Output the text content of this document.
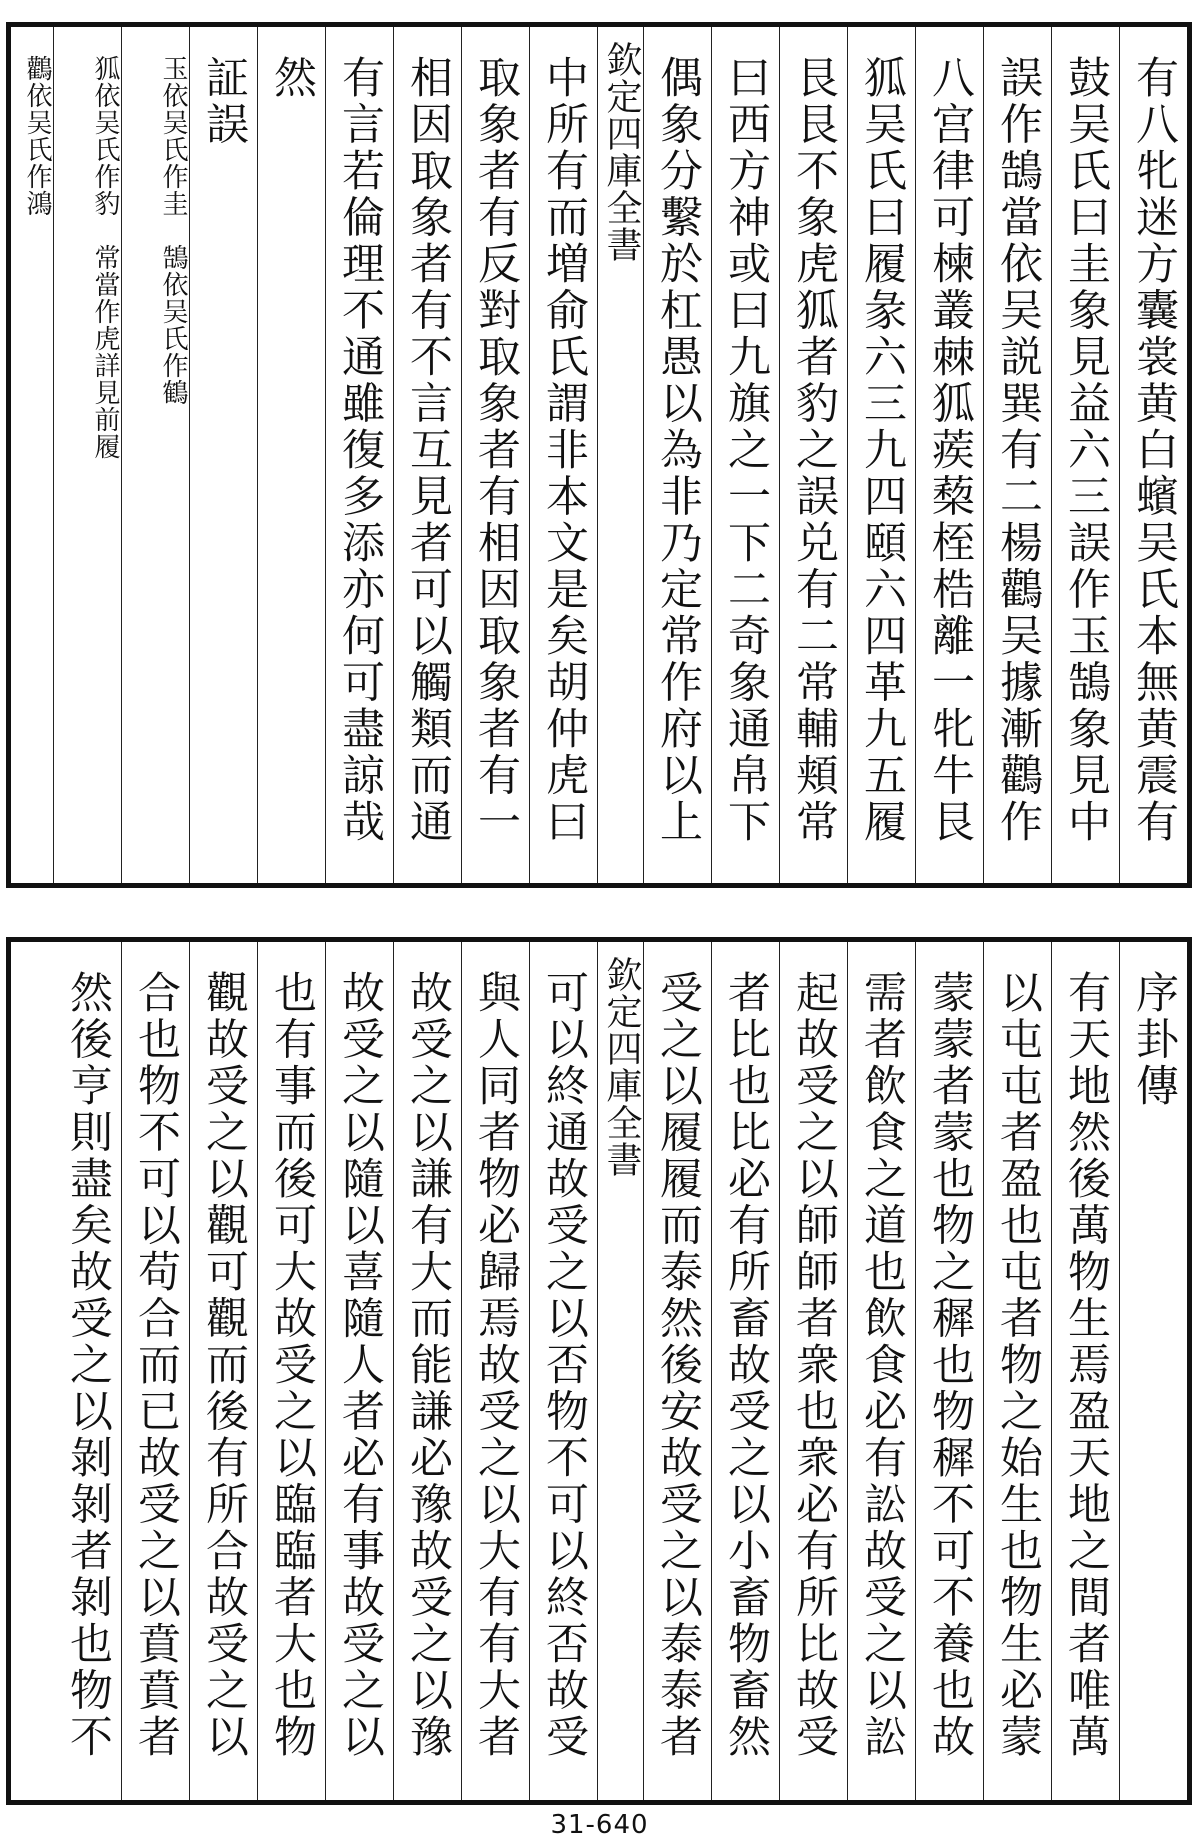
有八牝迷方囊裳黄白蠙吴氏本無黄震有
鼓吴氏曰圭象見益六三誤作玉鵠象見中
誤作鵠當依吴説巽有二楊鸛吴據漸鸛作
八宫律可楝叢棘狐蒺蔾桎梏離一牝牛艮
狐吴氏曰履彖六三九四頤六四革九五履
艮艮不象虎狐者豹之誤兑有二常輔頬常
曰西方神或曰九旗之一下二奇象通帛下
偶象分繫於杠愚以為非乃定常作府以上
欽定四庫全書
中所有而増俞氏謂非本文是矣胡仲虎曰
取象者有反對取象者有相因取象者有一
相因取象者有不言互見者可以觸類而通
有言若倫理不通雖復多添亦何可盡諒哉
然
証誤
玉依吴氏作圭　鵠依吴氏作鶴
狐依吴氏作豹　常當作虎詳見前履
鸛依吴氏作鴻
序卦傳
有天地然後萬物生焉盈天地之間者唯萬
以屯屯者盈也屯者物之始生也物生必蒙
蒙蒙者蒙也物之穉也物穉不可不養也故
需者飲食之道也飲食必有訟故受之以訟
起故受之以師師者衆也衆必有所比故受
者比也比必有所畜故受之以小畜物畜然
受之以履履而泰然後安故受之以泰泰者
欽定四庫全書
可以終通故受之以否物不可以終否故受
與人同者物必歸焉故受之以大有有大者
故受之以謙有大而能謙必豫故受之以豫
故受之以隨以喜隨人者必有事故受之以
也有事而後可大故受之以臨臨者大也物
觀故受之以觀可觀而後有所合故受之以
合也物不可以苟合而已故受之以賁賁者
然後亨則盡矣故受之以剝剝者剝也物不
31-640
